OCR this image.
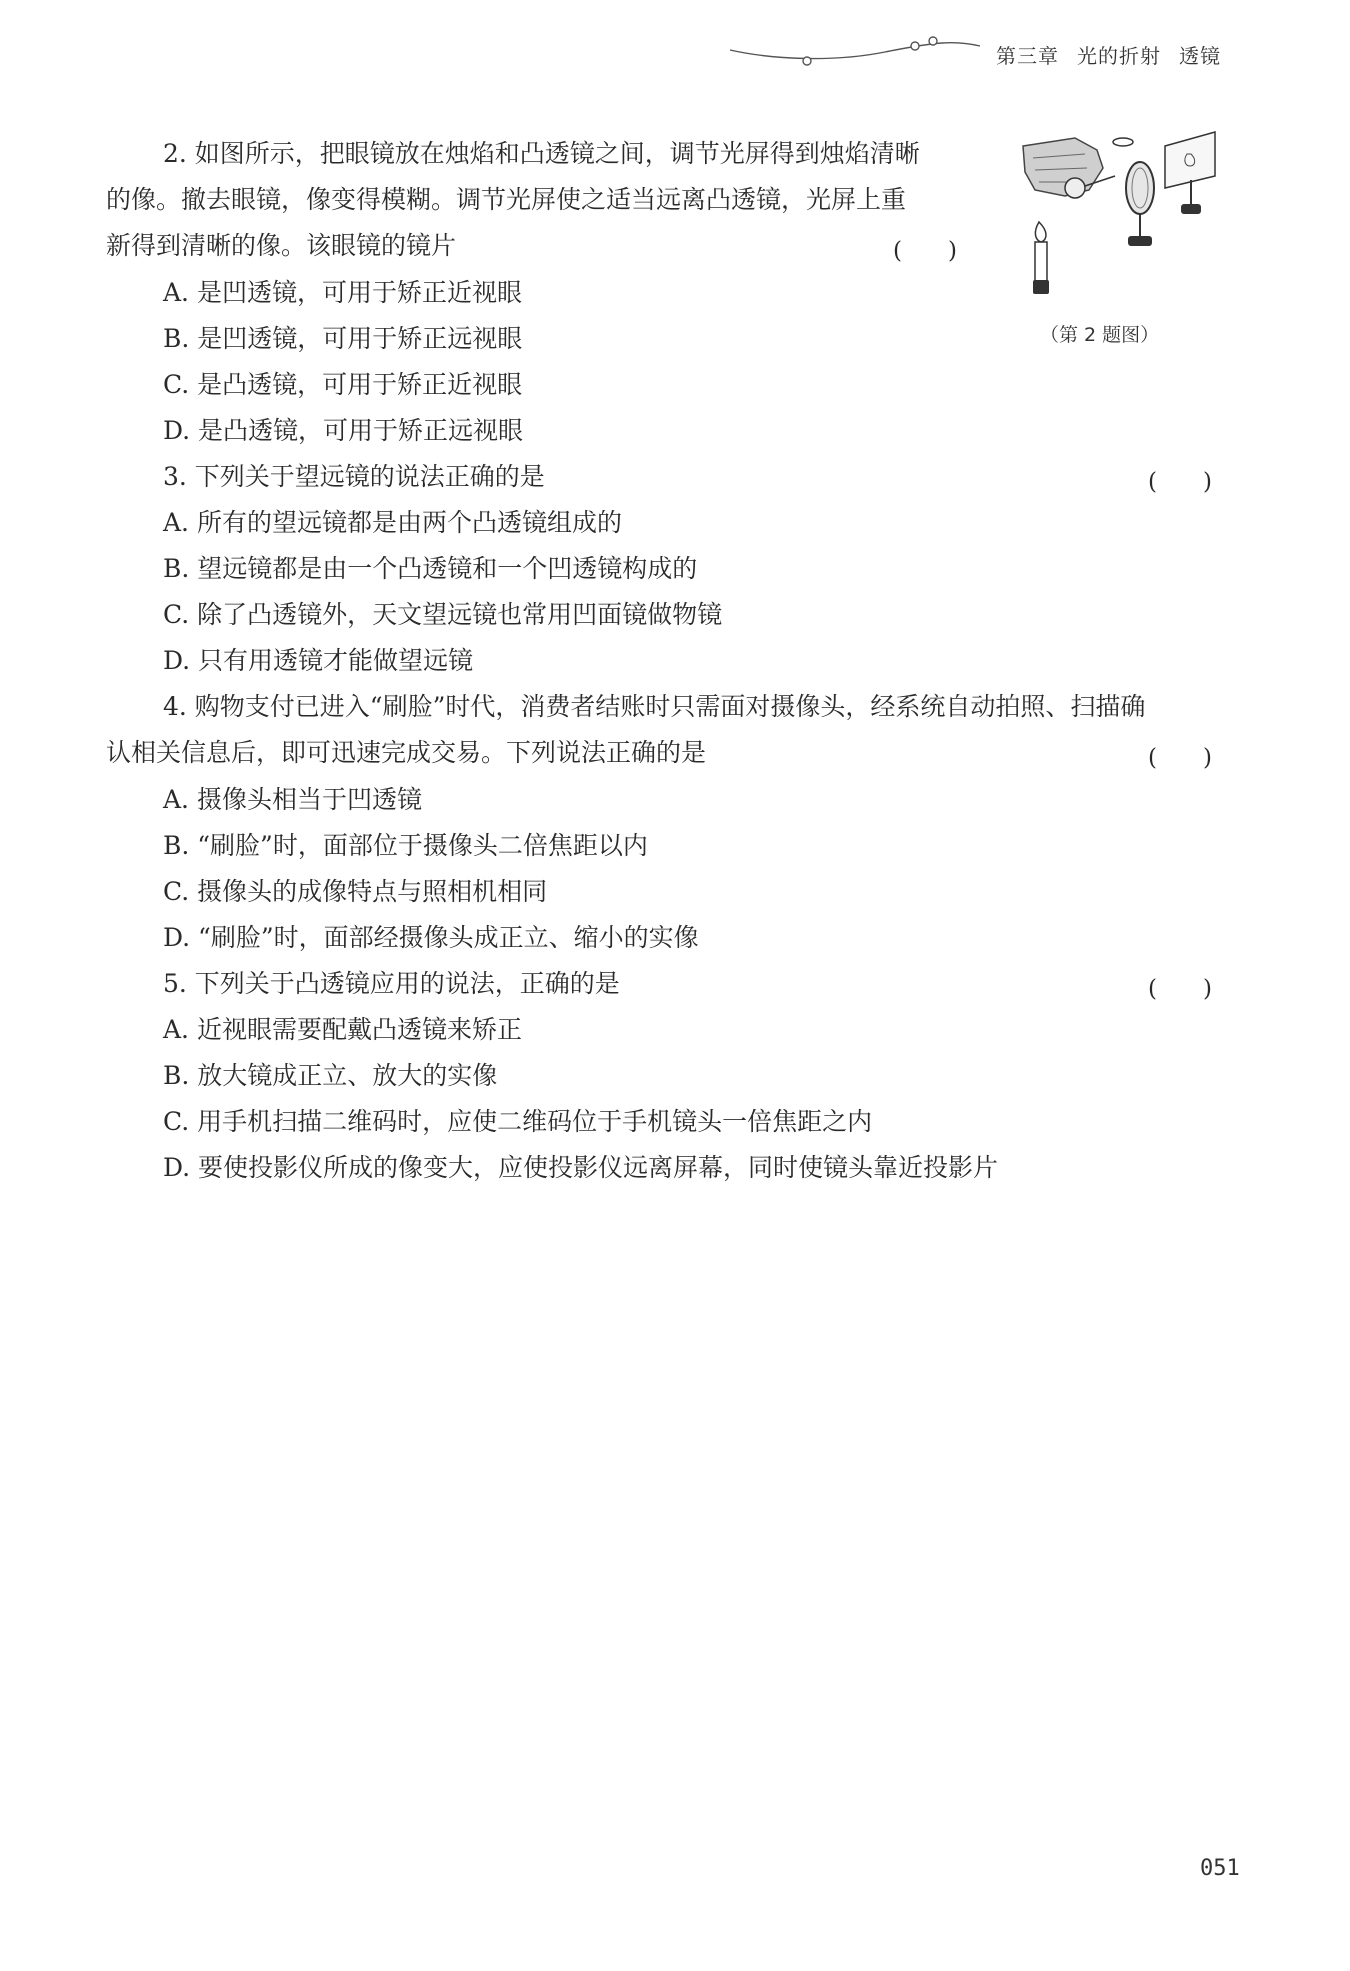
第三章 光的折射 透镜
2. 如图所示，把眼镜放在烛焰和凸透镜之间，调节光屏得到烛焰清晰
的像。撤去眼镜，像变得模糊。调节光屏使之适当远离凸透镜，光屏上重
新得到清晰的像。该眼镜的镜片	(　　)
A. 是凹透镜，可用于矫正近视眼
B. 是凹透镜，可用于矫正远视眼
C. 是凸透镜，可用于矫正近视眼
D. 是凸透镜，可用于矫正远视眼
（第 2 题图）
3. 下列关于望远镜的说法正确的是	(　　)
A. 所有的望远镜都是由两个凸透镜组成的
B. 望远镜都是由一个凸透镜和一个凹透镜构成的
C. 除了凸透镜外，天文望远镜也常用凹面镜做物镜
D. 只有用透镜才能做望远镜
4. 购物支付已进入“刷脸”时代，消费者结账时只需面对摄像头，经系统自动拍照、扫描确
认相关信息后，即可迅速完成交易。下列说法正确的是	(　　)
A. 摄像头相当于凹透镜
B. “刷脸”时，面部位于摄像头二倍焦距以内
C. 摄像头的成像特点与照相机相同
D. “刷脸”时，面部经摄像头成正立、缩小的实像
5. 下列关于凸透镜应用的说法，正确的是	(　　)
A. 近视眼需要配戴凸透镜来矫正
B. 放大镜成正立、放大的实像
C. 用手机扫描二维码时，应使二维码位于手机镜头一倍焦距之内
D. 要使投影仪所成的像变大，应使投影仪远离屏幕，同时使镜头靠近投影片
051
